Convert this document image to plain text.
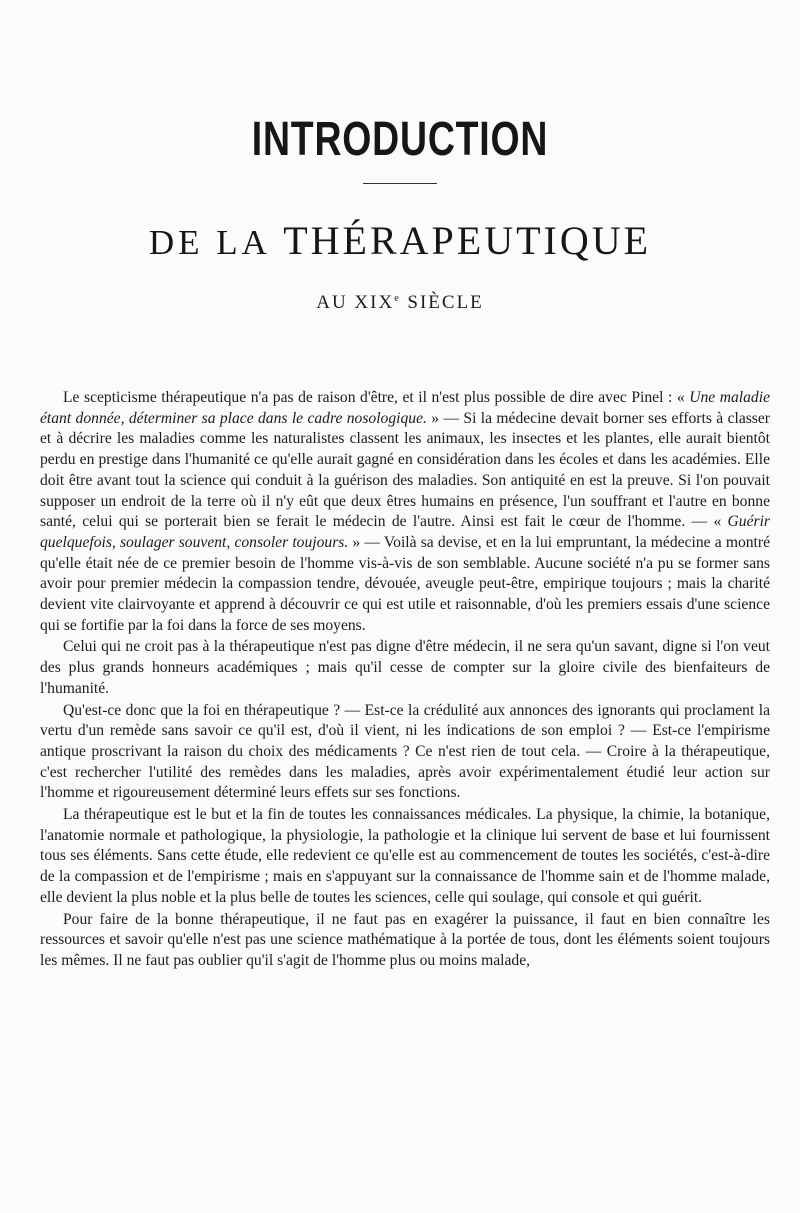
INTRODUCTION
DE LA THÉRAPEUTIQUE
AU XIXe SIÈCLE

Le scepticisme thérapeutique n'a pas de raison d'être, et il n'est plus possible de dire avec Pinel : « Une maladie étant donnée, déterminer sa place dans le cadre nosologique. » — Si la médecine devait borner ses efforts à classer et à décrire les maladies comme les naturalistes classent les animaux, les insectes et les plantes, elle aurait bientôt perdu en prestige dans l'humanité ce qu'elle aurait gagné en considération dans les écoles et dans les académies. Elle doit être avant tout la science qui conduit à la guérison des maladies. Son antiquité en est la preuve. Si l'on pouvait supposer un endroit de la terre où il n'y eût que deux êtres humains en présence, l'un souffrant et l'autre en bonne santé, celui qui se porterait bien se ferait le médecin de l'autre. Ainsi est fait le cœur de l'homme. — « Guérir quelquefois, soulager souvent, consoler toujours. » — Voilà sa devise, et en la lui empruntant, la médecine a montré qu'elle était née de ce premier besoin de l'homme vis-à-vis de son semblable. Aucune société n'a pu se former sans avoir pour premier médecin la compassion tendre, dévouée, aveugle peut-être, empirique toujours ; mais la charité devient vite clairvoyante et apprend à découvrir ce qui est utile et raisonnable, d'où les premiers essais d'une science qui se fortifie par la foi dans la force de ses moyens.

Celui qui ne croit pas à la thérapeutique n'est pas digne d'être médecin, il ne sera qu'un savant, digne si l'on veut des plus grands honneurs académiques ; mais qu'il cesse de compter sur la gloire civile des bienfaiteurs de l'humanité.

Qu'est-ce donc que la foi en thérapeutique ? — Est-ce la crédulité aux annonces des ignorants qui proclament la vertu d'un remède sans savoir ce qu'il est, d'où il vient, ni les indications de son emploi ? — Est-ce l'empirisme antique proscrivant la raison du choix des médicaments ? Ce n'est rien de tout cela. — Croire à la thérapeutique, c'est rechercher l'utilité des remèdes dans les maladies, après avoir expérimentalement étudié leur action sur l'homme et rigoureusement déterminé leurs effets sur ses fonctions.

La thérapeutique est le but et la fin de toutes les connaissances médicales. La physique, la chimie, la botanique, l'anatomie normale et pathologique, la physiologie, la pathologie et la clinique lui servent de base et lui fournissent tous ses éléments. Sans cette étude, elle redevient ce qu'elle est au commencement de toutes les sociétés, c'est-à-dire de la compassion et de l'empirisme ; mais en s'appuyant sur la connaissance de l'homme sain et de l'homme malade, elle devient la plus noble et la plus belle de toutes les sciences, celle qui soulage, qui console et qui guérit.

Pour faire de la bonne thérapeutique, il ne faut pas en exagérer la puissance, il faut en bien connaître les ressources et savoir qu'elle n'est pas une science mathématique à la portée de tous, dont les éléments soient toujours les mêmes. Il ne faut pas oublier qu'il s'agit de l'homme plus ou moins malade,
